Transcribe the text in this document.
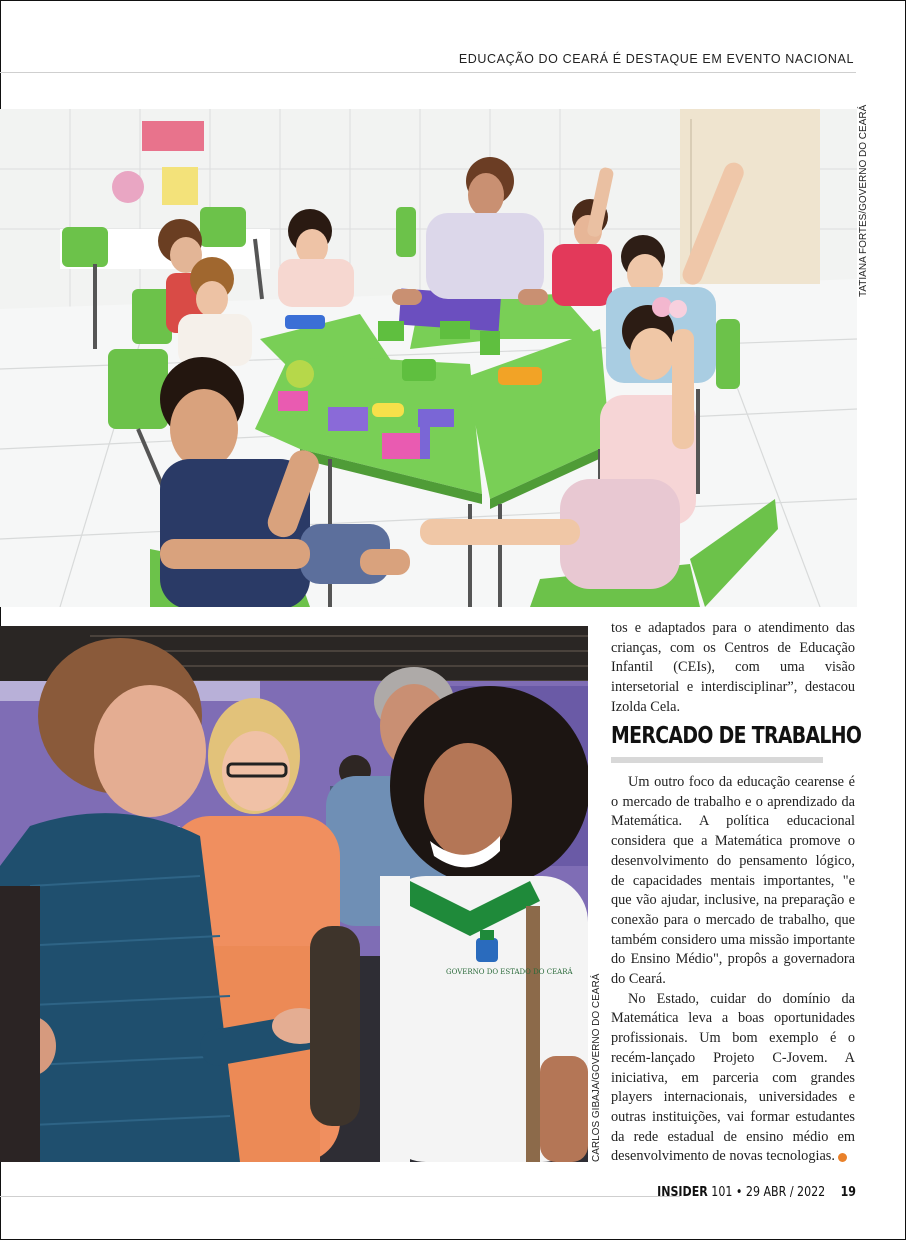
EDUCAÇÃO DO CEARÁ É DESTAQUE EM EVENTO NACIONAL
TATIANA FORTES/GOVERNO DO CEARÁ
GOVERNO DO ESTADO DO CEARÁ
CARLOS GIBAJA/GOVERNO DO CEARÁ

tos e adaptados para o atendimento das crianças, com os Centros de Educação Infantil (CEIs), com uma visão intersetorial e interdisciplinar”, destacou Izolda Cela.

MERCADO DE TRABALHO

Um outro foco da educação cearense é o mercado de trabalho e o aprendizado da Matemática. A política educacional considera que a Matemática promove o desenvolvimento do pensamento lógico, de capacidades mentais importantes, "e que vão ajudar, inclusive, na preparação e conexão para o mercado de trabalho, que também considero uma missão importante do Ensino Médio", propôs a governadora do Ceará.

No Estado, cuidar do domínio da Matemática leva a boas oportunidades profissionais. Um bom exemplo é o recém-lançado Projeto C-Jovem. A iniciativa, em parceria com grandes players internacionais, universidades e outras instituições, vai formar estudantes da rede estadual de ensino médio em desenvolvimento de novas tecnologias.

INSIDER 101 • 29 ABR / 2022 19
